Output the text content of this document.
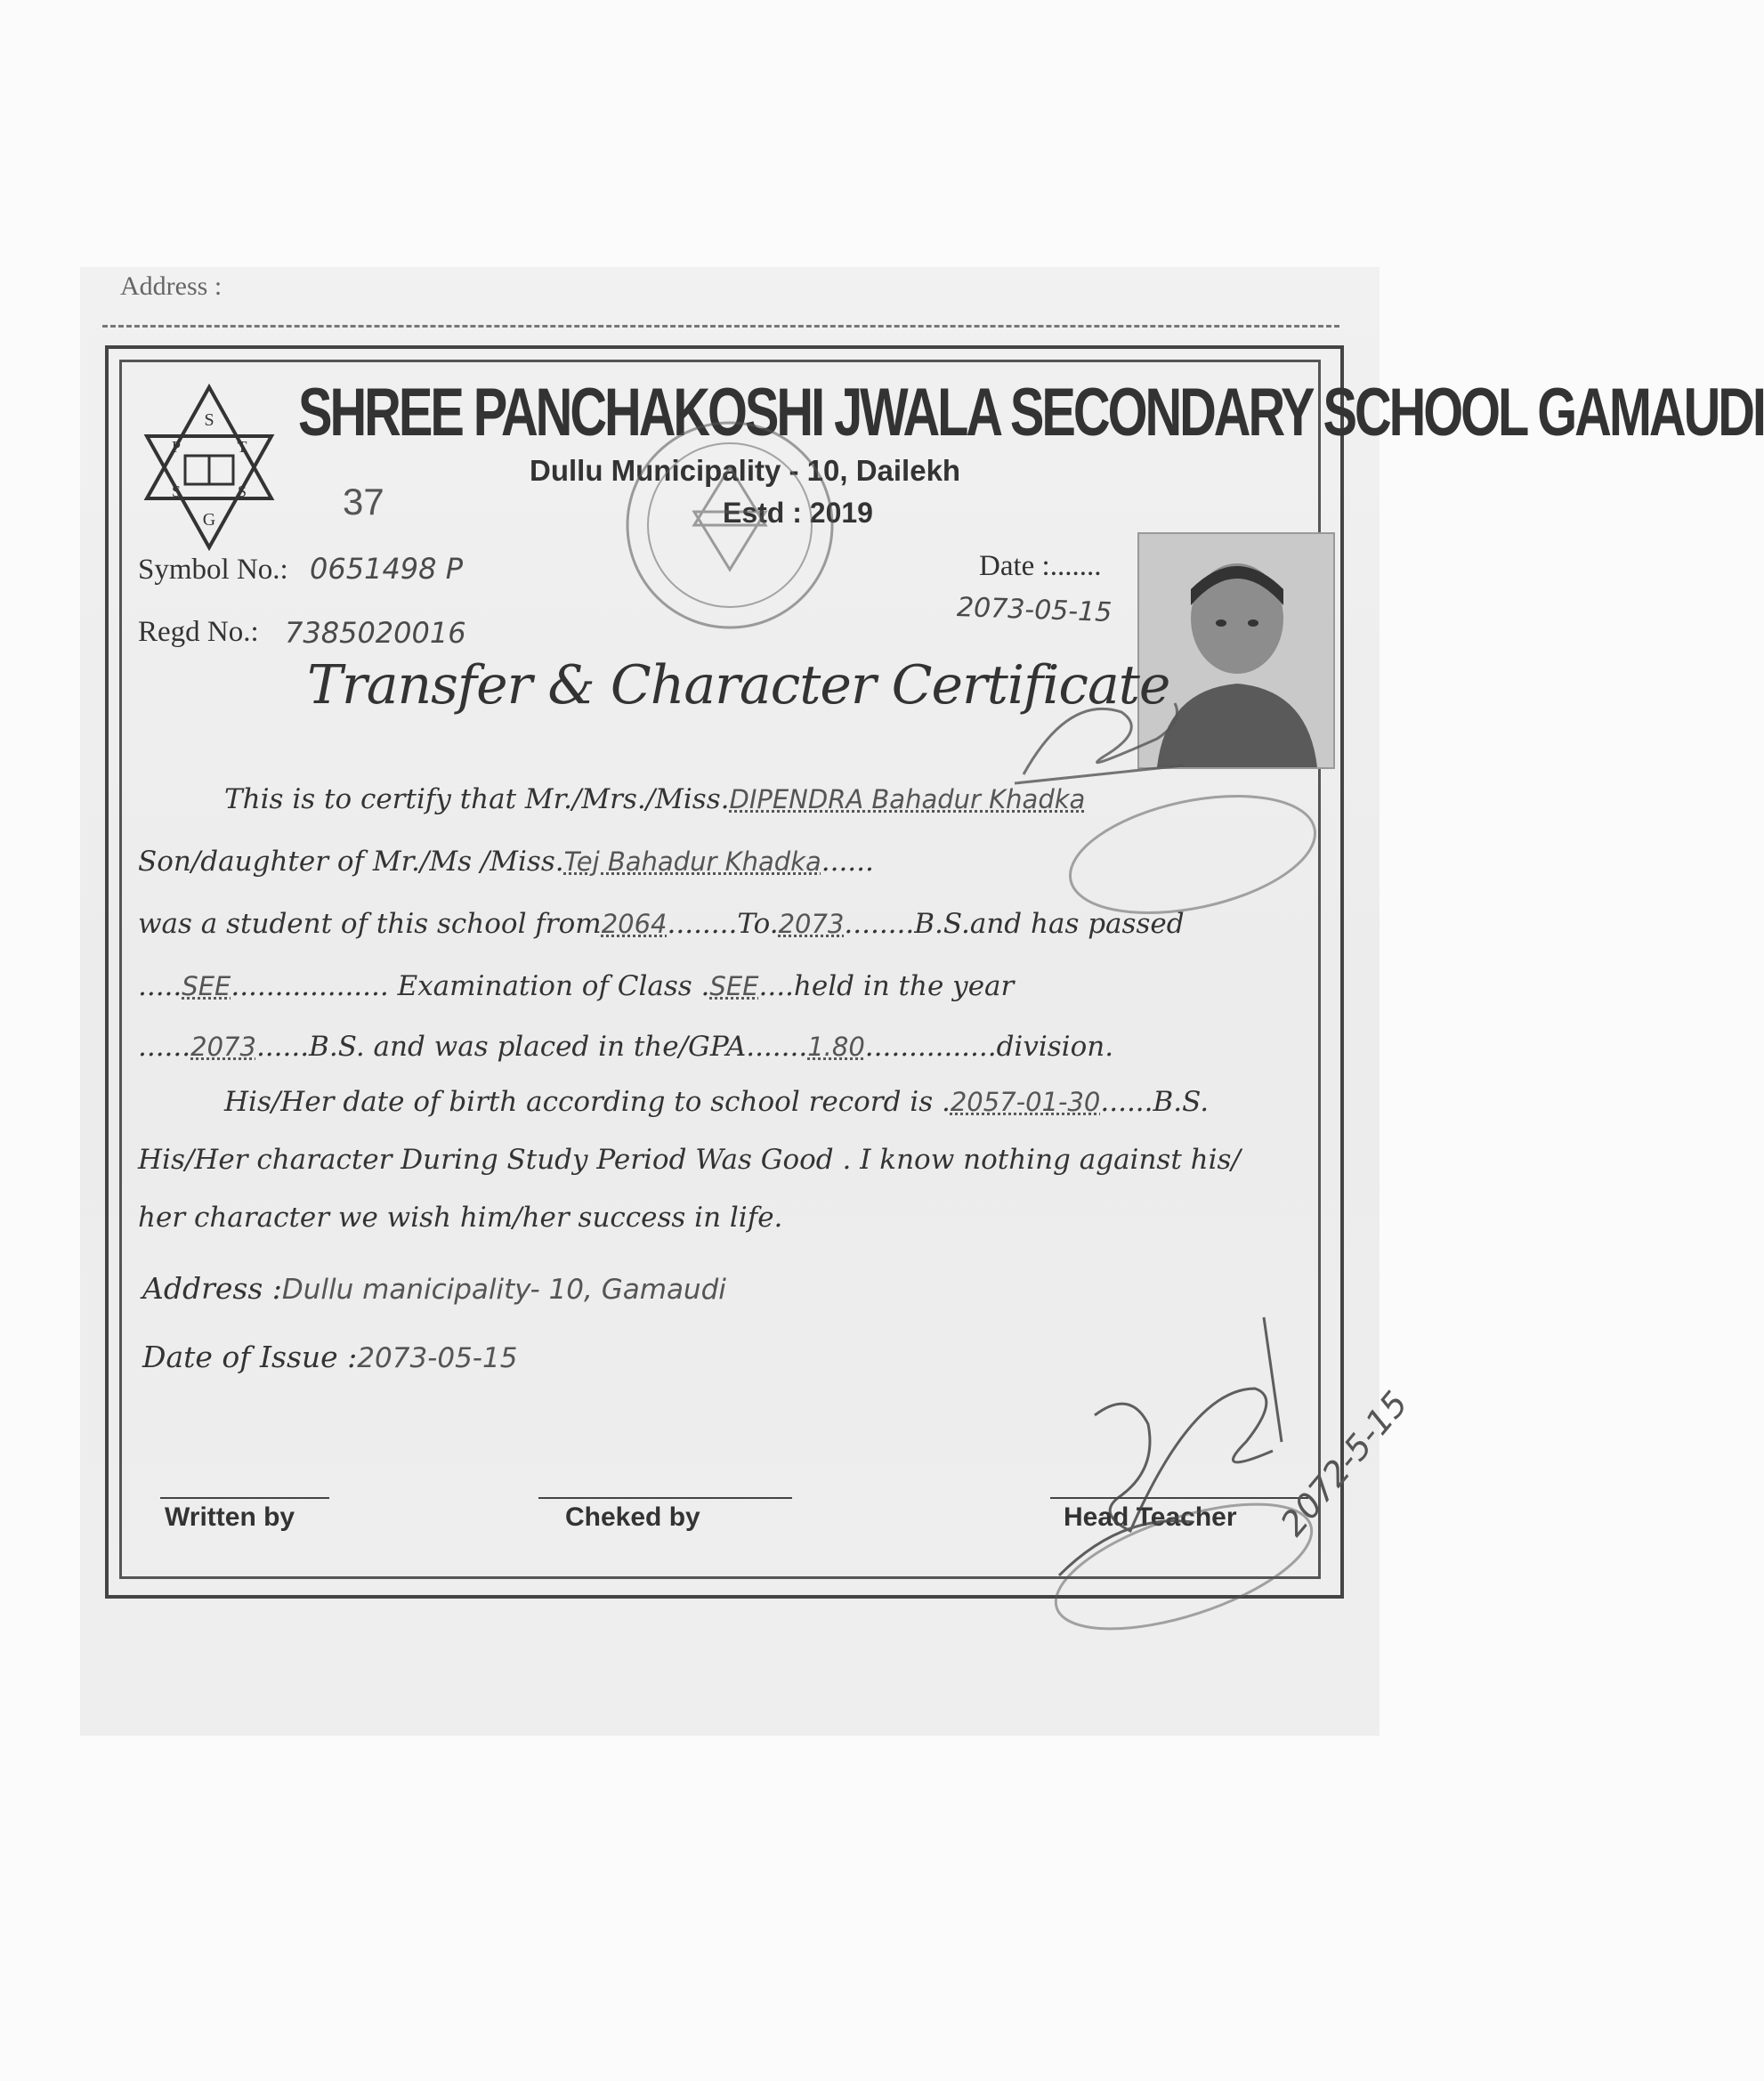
Address :
S
P	T
S	S
G
SHREE PANCHAKOSHI JWALA SECONDARY SCHOOL GAMAUDI
Dullu Municipality - 10, Dailekh
Estd : 2019
37
Symbol No.: 0651498 P
Regd No.: 7385020016
Date :.......
2073-05-15
Transfer & Character Certificate
This is to certify that Mr./Mrs./Miss.DIPENDRA Bahadur Khadka
Son/daughter of Mr./Ms /Miss.Tej Bahadur Khadka......
was a student of this school from2064........To.2073........B.S.and has passed
.....SEE.................. Examination of Class .SEE....held in the year
......2073......B.S. and was placed in the/GPA.......1.80...............division.
His/Her date of birth according to school record is .2057-01-30......B.S.
His/Her character During Study Period Was Good . I know nothing against his/
her character we wish him/her success in life.
Address :Dullu manicipality- 10, Gamaudi
Date of Issue :2073-05-15
Written by	Cheked by	Head Teacher 2072-5-15
